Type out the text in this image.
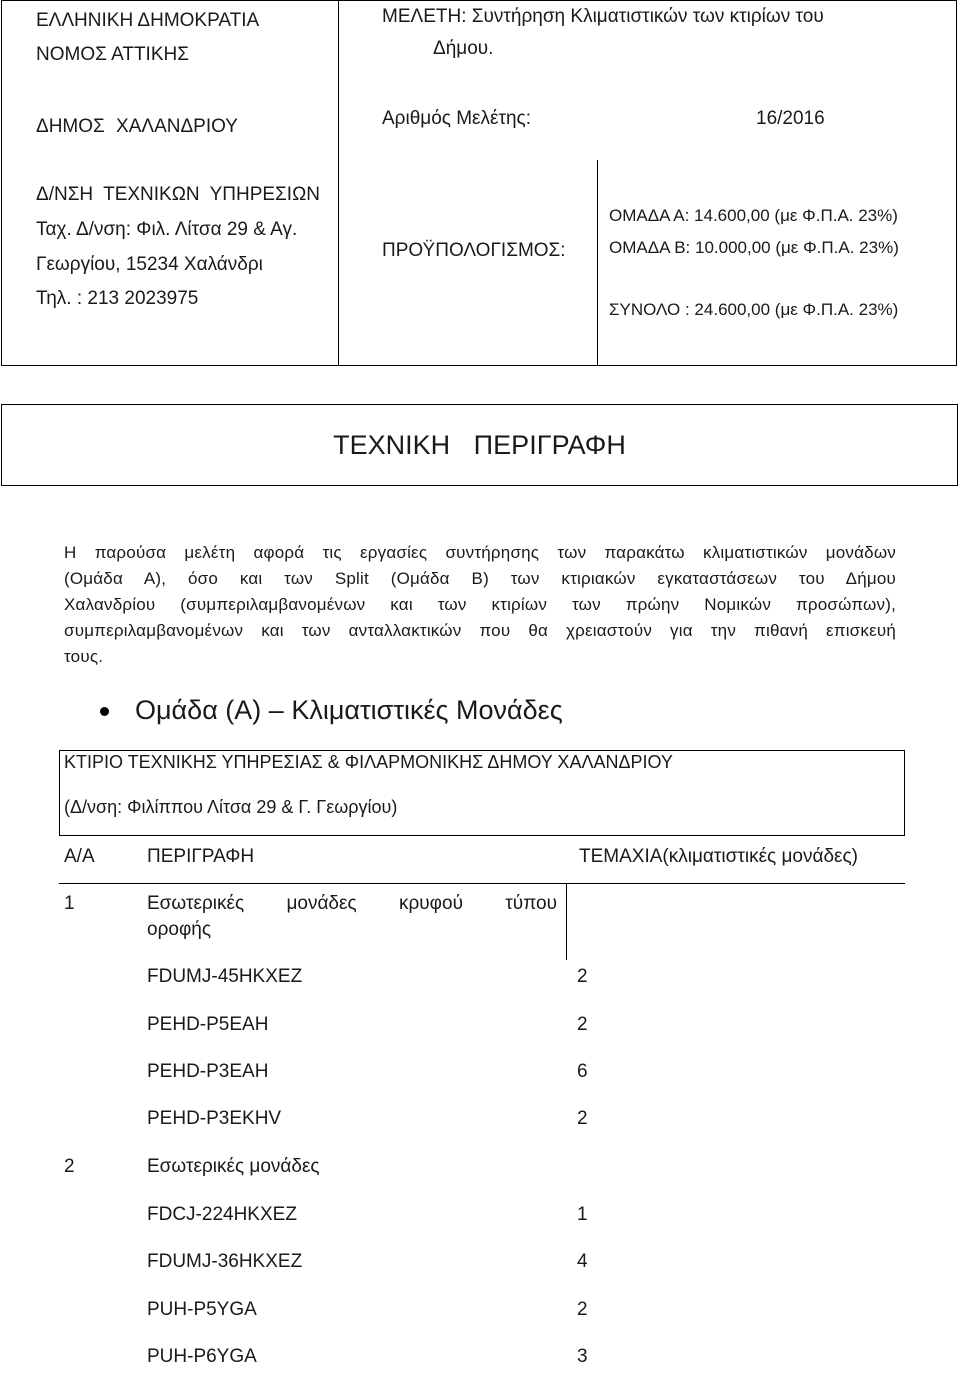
ΕΛΛΗΝΙΚΗ ΔΗΜΟΚΡΑΤΙΑ
ΝΟΜΟΣ ΑΤΤΙΚΗΣ
ΔΗΜΟΣ ΧΑΛΑΝΔΡΙΟΥ
Δ/ΝΣΗ ΤΕΧΝΙΚΩΝ ΥΠΗΡΕΣΙΩΝ
Ταχ. Δ/νση: Φιλ. Λίτσα 29 & Αγ.
Γεωργίου, 15234 Χαλάνδρι
Τηλ. : 213 2023975
ΜΕΛΕΤΗ: Συντήρηση Κλιματιστικών των κτιρίων του
Δήμου.
Αριθμός Μελέτης:	16/2016
ΠΡΟΫΠΟΛΟΓΙΣΜΟΣ:
ΟΜΑΔΑ Α: 14.600,00 (με Φ.Π.Α. 23%)
ΟΜΑΔΑ Β: 10.000,00 (με Φ.Π.Α. 23%)
ΣΥΝΟΛΟ : 24.600,00 (με Φ.Π.Α. 23%)
ΤΕΧΝΙΚΗ ΠΕΡΙΓΡΑΦΗ
Η παρούσα μελέτη αφορά τις εργασίες συντήρησης των παρακάτω κλιματιστικών μονάδων
(Ομάδα Α), όσο και των Split (Ομάδα Β) των κτιριακών εγκαταστάσεων του Δήμου
Χαλανδρίου (συμπεριλαμβανομένων και των κτιρίων των πρώην Νομικών προσώπων),
συμπεριλαμβανομένων και των ανταλλακτικών που θα χρειαστούν για την πιθανή επισκευή
τους.
Ομάδα (Α) – Κλιματιστικές Μονάδες
ΚΤΙΡΙΟ ΤΕΧΝΙΚΗΣ ΥΠΗΡΕΣΙΑΣ & ΦΙΛΑΡΜΟΝΙΚΗΣ ΔΗΜΟΥ ΧΑΛΑΝΔΡΙΟΥ
(Δ/νση: Φιλίππου Λίτσα 29 & Γ. Γεωργίου)
Α/Α	ΠΕΡΙΓΡΑΦΗ	ΤΕΜΑΧΙΑ(κλιματιστικές μονάδες)
1	Εσωτερικές μονάδες κρυφού τύπου
οροφής
FDUMJ-45HKXEZ	2
PEHD-P5EAH	2
PEHD-P3EAH	6
PEHD-P3EKHV	2
2	Εσωτερικές μονάδες
FDCJ-224HKXEZ	1
FDUMJ-36HKXEZ	4
PUH-P5YGA	2
PUH-P6YGA	3
